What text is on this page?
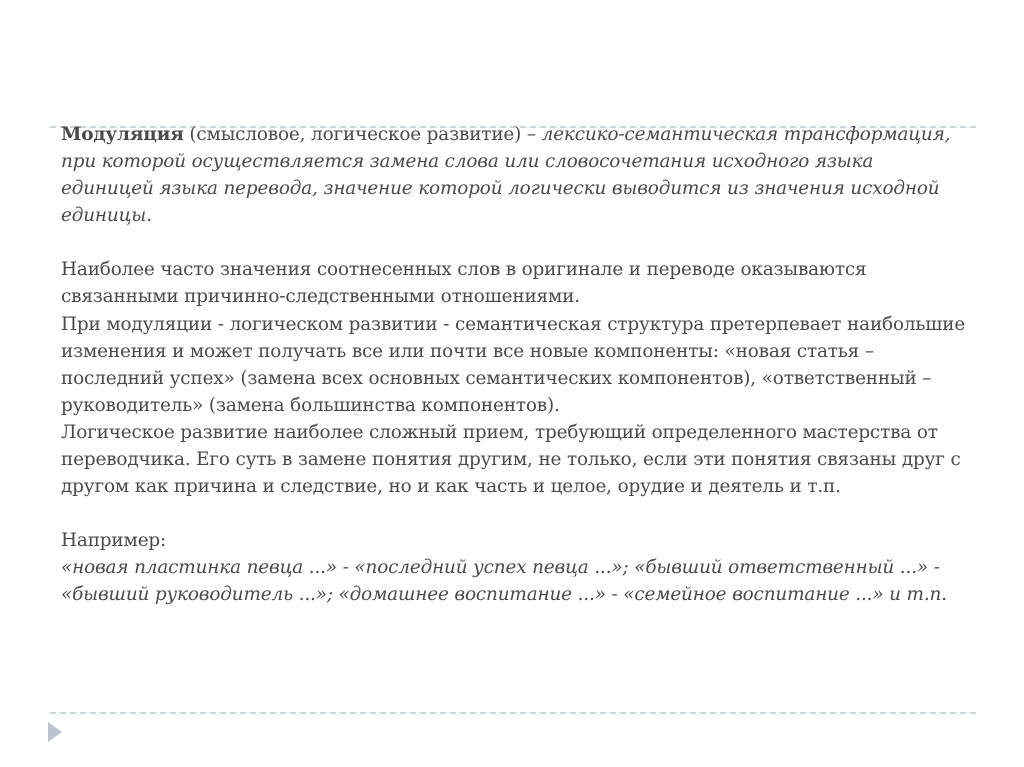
Модуляция (смысловое, логическое развитие) – лексико-семантическая трансформация, при которой осуществляется замена слова или словосочетания исходного языка единицей языка перевода, значение которой логически выводится из значения исходной единицы.

Наиболее часто значения соотнесенных слов в оригинале и переводе оказываются связанными причинно-следственными отношениями.

При модуляции - логическом развитии - семантическая структура претерпевает наибольшие изменения и может получать все или почти все новые компоненты: «новая статья – последний успех» (замена всех основных семантических компонентов), «ответственный – руководитель» (замена большинства компонентов).

Логическое развитие наиболее сложный прием, требующий определенного мастерства от переводчика. Его суть в замене понятия другим, не только, если эти понятия связаны друг с другом как причина и следствие, но и как часть и целое, орудие и деятель и т.п.

Например:

«новая пластинка певца ...» - «последний успех певца ...»; «бывший ответственный ...» - «бывший руководитель ...»; «домашнее воспитание ...» - «семейное воспитание ...» и т.п.
